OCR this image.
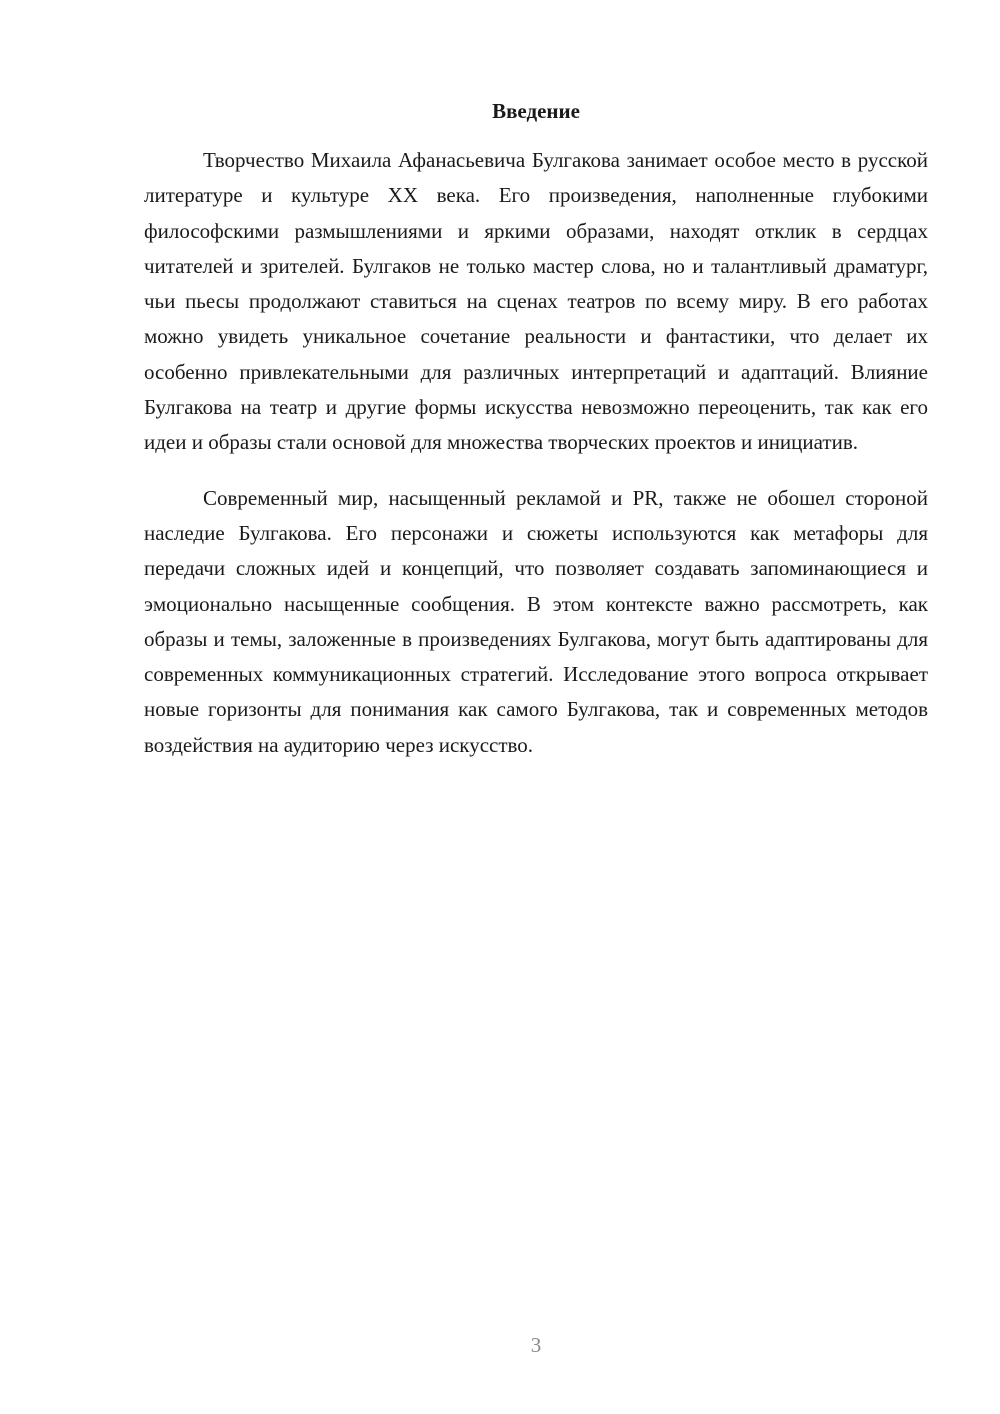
Введение

Творчество Михаила Афанасьевича Булгакова занимает особое место в русской литературе и культуре XX века. Его произведения, наполненные глубокими философскими размышлениями и яркими образами, находят отклик в сердцах читателей и зрителей. Булгаков не только мастер слова, но и талантливый драматург, чьи пьесы продолжают ставиться на сценах театров по всему миру. В его работах можно увидеть уникальное сочетание реальности и фантастики, что делает их особенно привлекательными для различных интерпретаций и адаптаций. Влияние Булгакова на театр и другие формы искусства невозможно переоценить, так как его идеи и образы стали основой для множества творческих проектов и инициатив.

Современный мир, насыщенный рекламой и PR, также не обошел стороной наследие Булгакова. Его персонажи и сюжеты используются как метафоры для передачи сложных идей и концепций, что позволяет создавать запоминающиеся и эмоционально насыщенные сообщения. В этом контексте важно рассмотреть, как образы и темы, заложенные в произведениях Булгакова, могут быть адаптированы для современных коммуникационных стратегий. Исследование этого вопроса открывает новые горизонты для понимания как самого Булгакова, так и современных методов воздействия на аудиторию через искусство.

3
